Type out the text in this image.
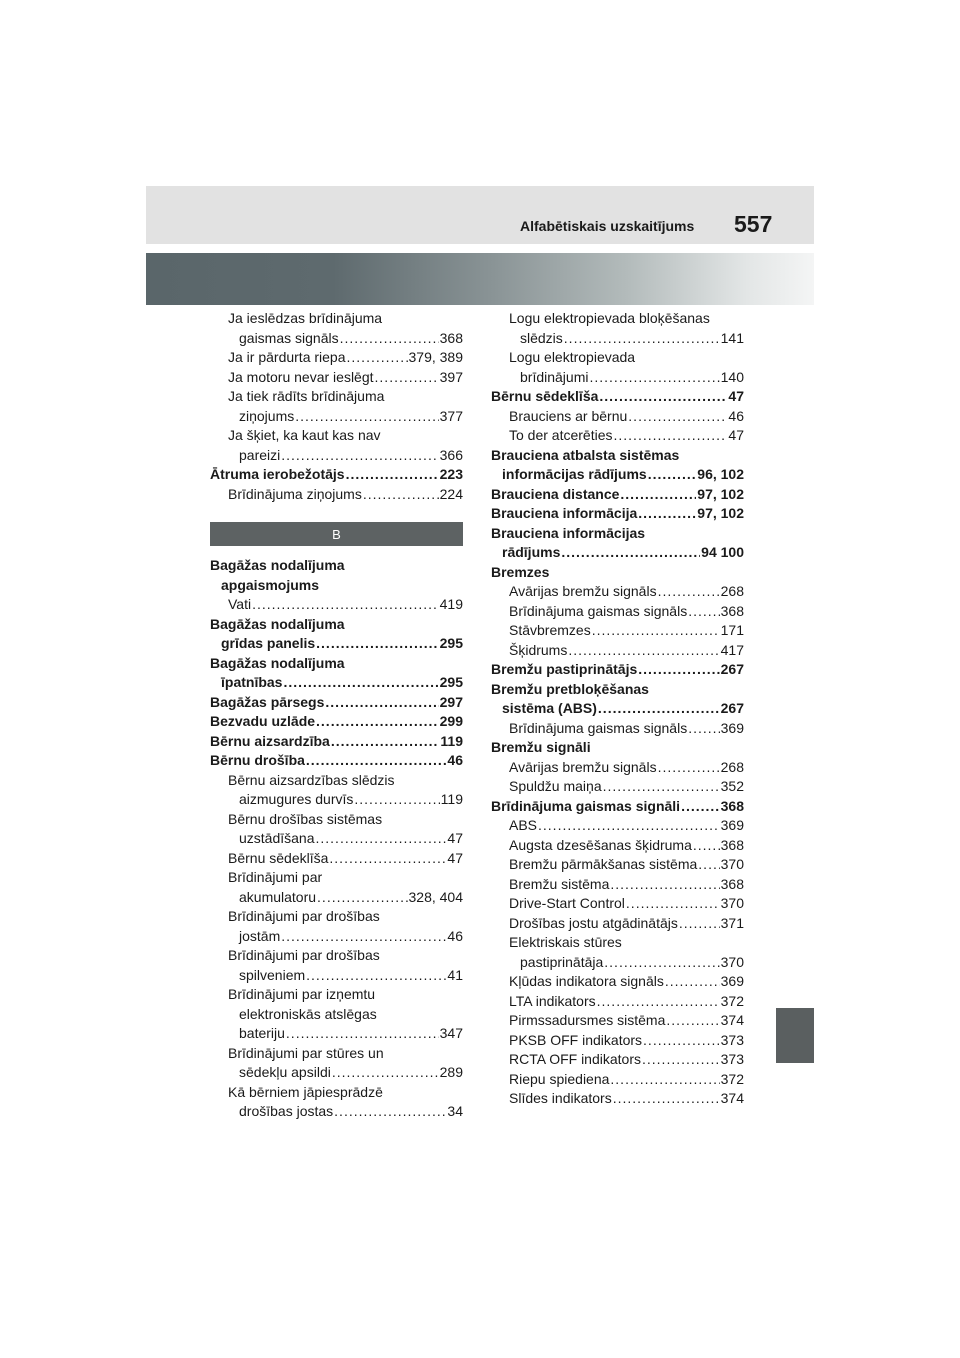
Alfabētiskais uzskaitījums 557
Ja ieslēdzas brīdinājuma
gaismas signāls .....	368
Ja ir pārdurta riepa .....	379, 389
Ja motoru nevar ieslēgt .....	397
Ja tiek rādīts brīdinājuma
ziņojums .....	377
Ja šķiet, ka kaut kas nav
pareizi .....	366
Ātruma ierobežotājs .....	223
Brīdinājuma ziņojums .....	224
B
Bagāžas nodalījuma
apgaismojums
Vati .....	419
Bagāžas nodalījuma
grīdas panelis .....	295
Bagāžas nodalījuma
īpatnības .....	295
Bagāžas pārsegs .....	297
Bezvadu uzlāde .....	299
Bērnu aizsardzība .....	119
Bērnu drošība .....	46
Bērnu aizsardzības slēdzis
aizmugures durvīs .....	119
Bērnu drošības sistēmas
uzstādīšana .....	47
Bērnu sēdeklīša .....	47
Brīdinājumi par
akumulatoru .....	328, 404
Brīdinājumi par drošības
jostām .....	46
Brīdinājumi par drošības
spilveniem .....	41
Brīdinājumi par izņemtu
elektroniskās atslēgas
bateriju .....	347
Brīdinājumi par stūres un
sēdekļu apsildi .....	289
Kā bērniem jāpiesprādzē
drošības jostas .....	34
Logu elektropievada bloķēšanas
slēdzis .....	141
Logu elektropievada
brīdinājumi .....	140
Bērnu sēdeklīša .....	47
Brauciens ar bērnu .....	46
To der atcerēties .....	47
Brauciena atbalsta sistēmas
informācijas rādījums .....	96, 102
Brauciena distance .....	97, 102
Brauciena informācija .....	97, 102
Brauciena informācijas
rādījums .....	94 100
Bremzes
Avārijas bremžu signāls .....	268
Brīdinājuma gaismas signāls ..... 368
Stāvbremzes .....	171
Šķidrums .....	417
Bremžu pastiprinātājs .....	267
Bremžu pretbloķēšanas
sistēma (ABS) .....	267
Brīdinājuma gaismas signāls ..... 369
Bremžu signāli
Avārijas bremžu signāls .....	268
Spuldžu maiņa .....	352
Brīdinājuma gaismas signāli .....	368
ABS .....	369
Augsta dzesēšanas šķidruma ..... 368
Bremžu pārmākšanas sistēma ..... 370
Bremžu sistēma .....	368
Drive-Start Control .....	370
Drošības jostu atgādinātājs .....	371
Elektriskais stūres
pastiprinātāja .....	370
Kļūdas indikatora signāls .....	369
LTA indikators .....	372
Pirmssadursmes sistēma .....	374
PKSB OFF indikators .....	373
RCTA OFF indikators .....	373
Riepu spiediena .....	372
Slīdes indikators .....	374
